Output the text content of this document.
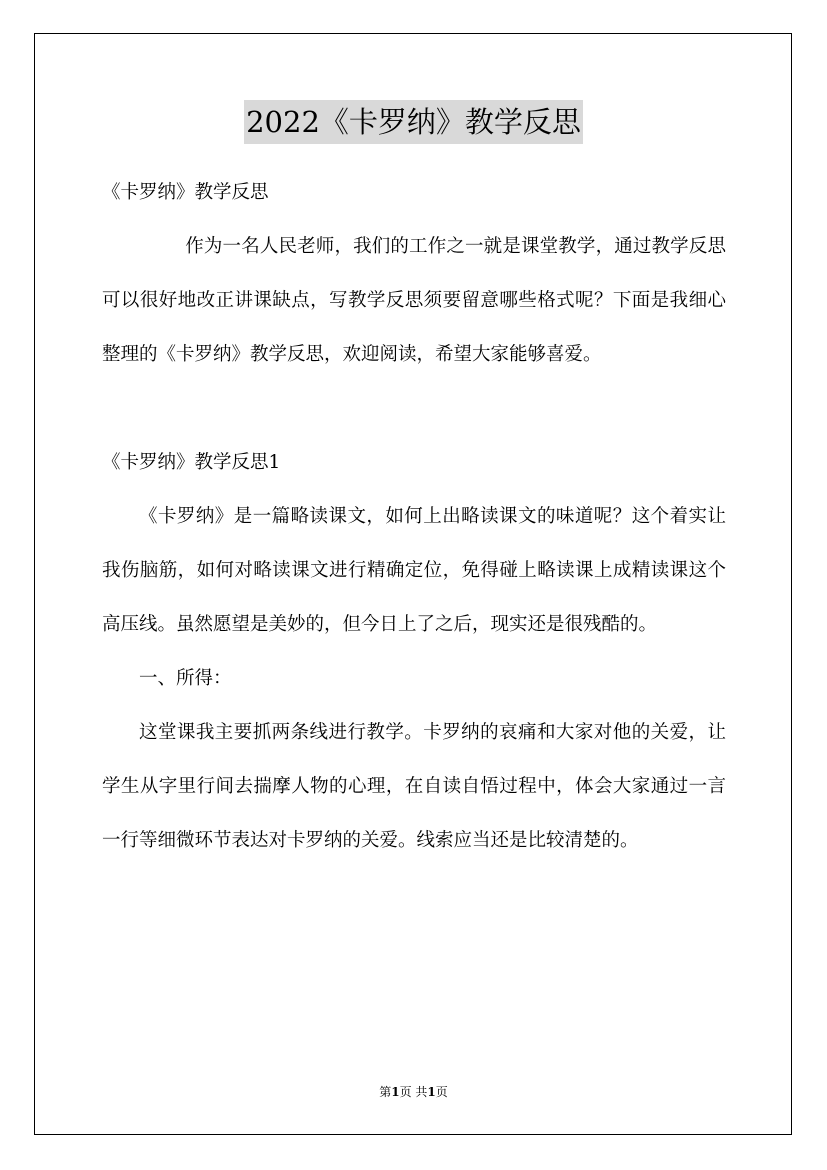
2022《卡罗纳》教学反思

《卡罗纳》教学反思

作为一名人民老师，我们的工作之一就是课堂教学，通过教学反思可以很好地改正讲课缺点，写教学反思须要留意哪些格式呢？下面是我细心整理的《卡罗纳》教学反思，欢迎阅读，希望大家能够喜爱。

《卡罗纳》教学反思1

《卡罗纳》是一篇略读课文，如何上出略读课文的味道呢？这个着实让我伤脑筋，如何对略读课文进行精确定位，免得碰上略读课上成精读课这个高压线。虽然愿望是美妙的，但今日上了之后，现实还是很残酷的。

一、所得：

这堂课我主要抓两条线进行教学。卡罗纳的哀痛和大家对他的关爱，让学生从字里行间去揣摩人物的心理，在自读自悟过程中，体会大家通过一言一行等细微环节表达对卡罗纳的关爱。线索应当还是比较清楚的。

第1页 共1页
